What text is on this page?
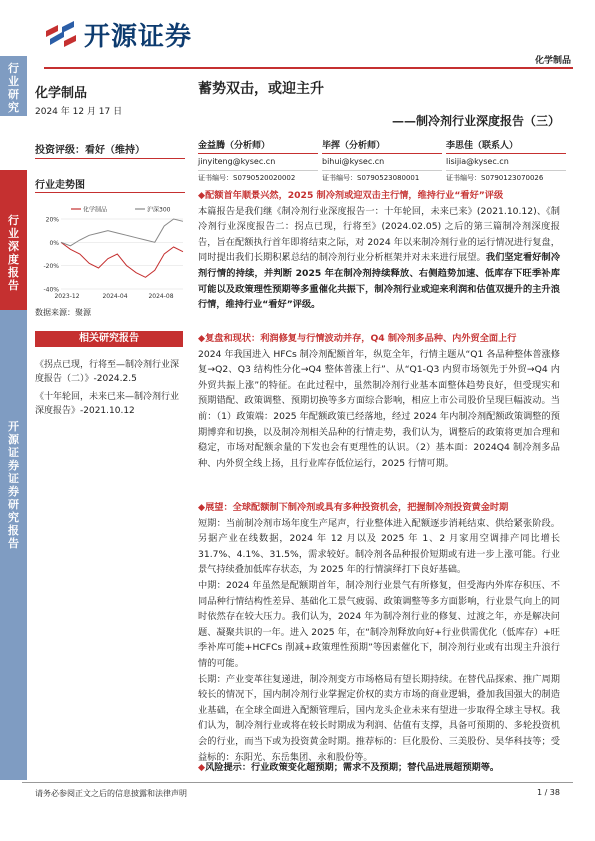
开源证券
化学制品
行业研究
行业深度报告
开源证券 证券研究报告
化学制品
2024 年 12 月 17 日
投资评级：看好（维持）
行业走势图
20%
0%
-20%
-40%
2023-12	2024-04	2024-08
化学制品	沪深300
数据来源：聚源
相关研究报告
《拐点已现，行将至—制冷剂行业深度报告（二）》-2024.2.5
《十年轮回，未来已来—制冷剂行业深度报告》-2021.10.12
蓄势双击，或迎主升
——制冷剂行业深度报告（三）
金益腾（分析师）
jinyiteng@kysec.cn
证书编号：S0790520020002
毕挥（分析师）
bihui@kysec.cn
证书编号：S0790523080001
李思佳（联系人）
lisijia@kysec.cn
证书编号：S0790123070026
◆配额首年顺景兴然，2025 制冷剂或迎双击主行情，维持行业“看好”评级
本篇报告是我们继《制冷剂行业深度报告一：十年轮回，未来已来》(2021.10.12)、《制冷剂行业深度报告二：拐点已现，行将至》(2024.02.05) 之后的第三篇制冷剂深度报告，旨在配额执行首年即将结束之际，对 2024 年以来制冷剂行业的运行情况进行复盘，同时提出我们长期积累总结的制冷剂行业分析框架并对未来进行展望。我们坚定看好制冷剂行情的持续，并判断 2025 年在制冷剂持续释放、右侧趋势加速、低库存下旺季补库可能以及政策理性预期等多重催化共振下，制冷剂行业或迎来利润和估值双提升的主升浪行情，维持行业“看好”评级。
◆复盘和现状：利润修复与行情波动并存，Q4 制冷剂多品种、内外贸全面上行
2024 年我国进入 HFCs 制冷剂配额首年，纵览全年，行情主题从“Q1 各品种整体普涨修复→Q2、Q3 结构性分化→Q4 整体普涨上行”、从“Q1-Q3 内贸市场领先于外贸→Q4 内外贸共振上涨”的特征。在此过程中，虽然制冷剂行业基本面整体趋势良好，但受现实和预期错配、政策调整、预期切换等多方面综合影响，相应上市公司股价呈现巨幅波动。当前：（1）政策端：2025 年配额政策已经落地，经过 2024 年内制冷剂配额政策调整的预期博弈和切换，以及制冷剂相关品种的行情走势，我们认为，调整后的政策将更加合理和稳定，市场对配额余量的下发也会有更理性的认识。（2）基本面：2024Q4 制冷剂多品种、内外贸全线上扬，且行业库存低位运行，2025 行情可期。
◆展望：全球配额制下制冷剂或具有多种投资机会，把握制冷剂投资黄金时期
短期：当前制冷剂市场年度生产尾声，行业整体进入配额逐步消耗结束、供给紧张阶段。另据产业在线数据，2024 年 12 月以及 2025 年 1、2 月家用空调排产同比增长 31.7%、4.1%、31.5%，需求较好。制冷剂各品种报价短期或有进一步上涨可能。行业景气持续叠加低库存状态，为 2025 年的行情演绎打下良好基础。
中期：2024 年虽然是配额期首年，制冷剂行业景气有所修复，但受海内外库存积压、不同品种行情结构性差异、基础化工景气疲弱、政策调整等多方面影响，行业景气向上的同时依然存在较大压力。我们认为，2024 年为制冷剂行业的修复、过渡之年，亦是解决问题、凝聚共识的一年。进入 2025 年，在“制冷剂释放向好+行业供需优化（低库存）+旺季补库可能+HCFCs 削减+政策理性预期”等因素催化下，制冷剂行业或有出现主升浪行情的可能。
长期：产业变革往复递进，制冷剂变方市场格局有望长期持续。在替代品探索、推广周期较长的情况下，国内制冷剂行业掌握定价权的卖方市场的商业逻辑，叠加我国强大的制造业基础，在全球全面进入配额管理后，国内龙头企业未来有望进一步取得全球主导权。我们认为，制冷剂行业或将在较长时期成为利润、估值有支撑，具备可预期的、多轮投资机会的行业，而当下或为投资黄金时期。推荐标的：巨化股份、三美股份、昊华科技等；受益标的：东阳光、东岳集团、永和股份等。
◆风险提示：行业政策变化超预期；需求不及预期；替代品进展超预期等。
请务必参阅正文之后的信息披露和法律声明	1 / 38
